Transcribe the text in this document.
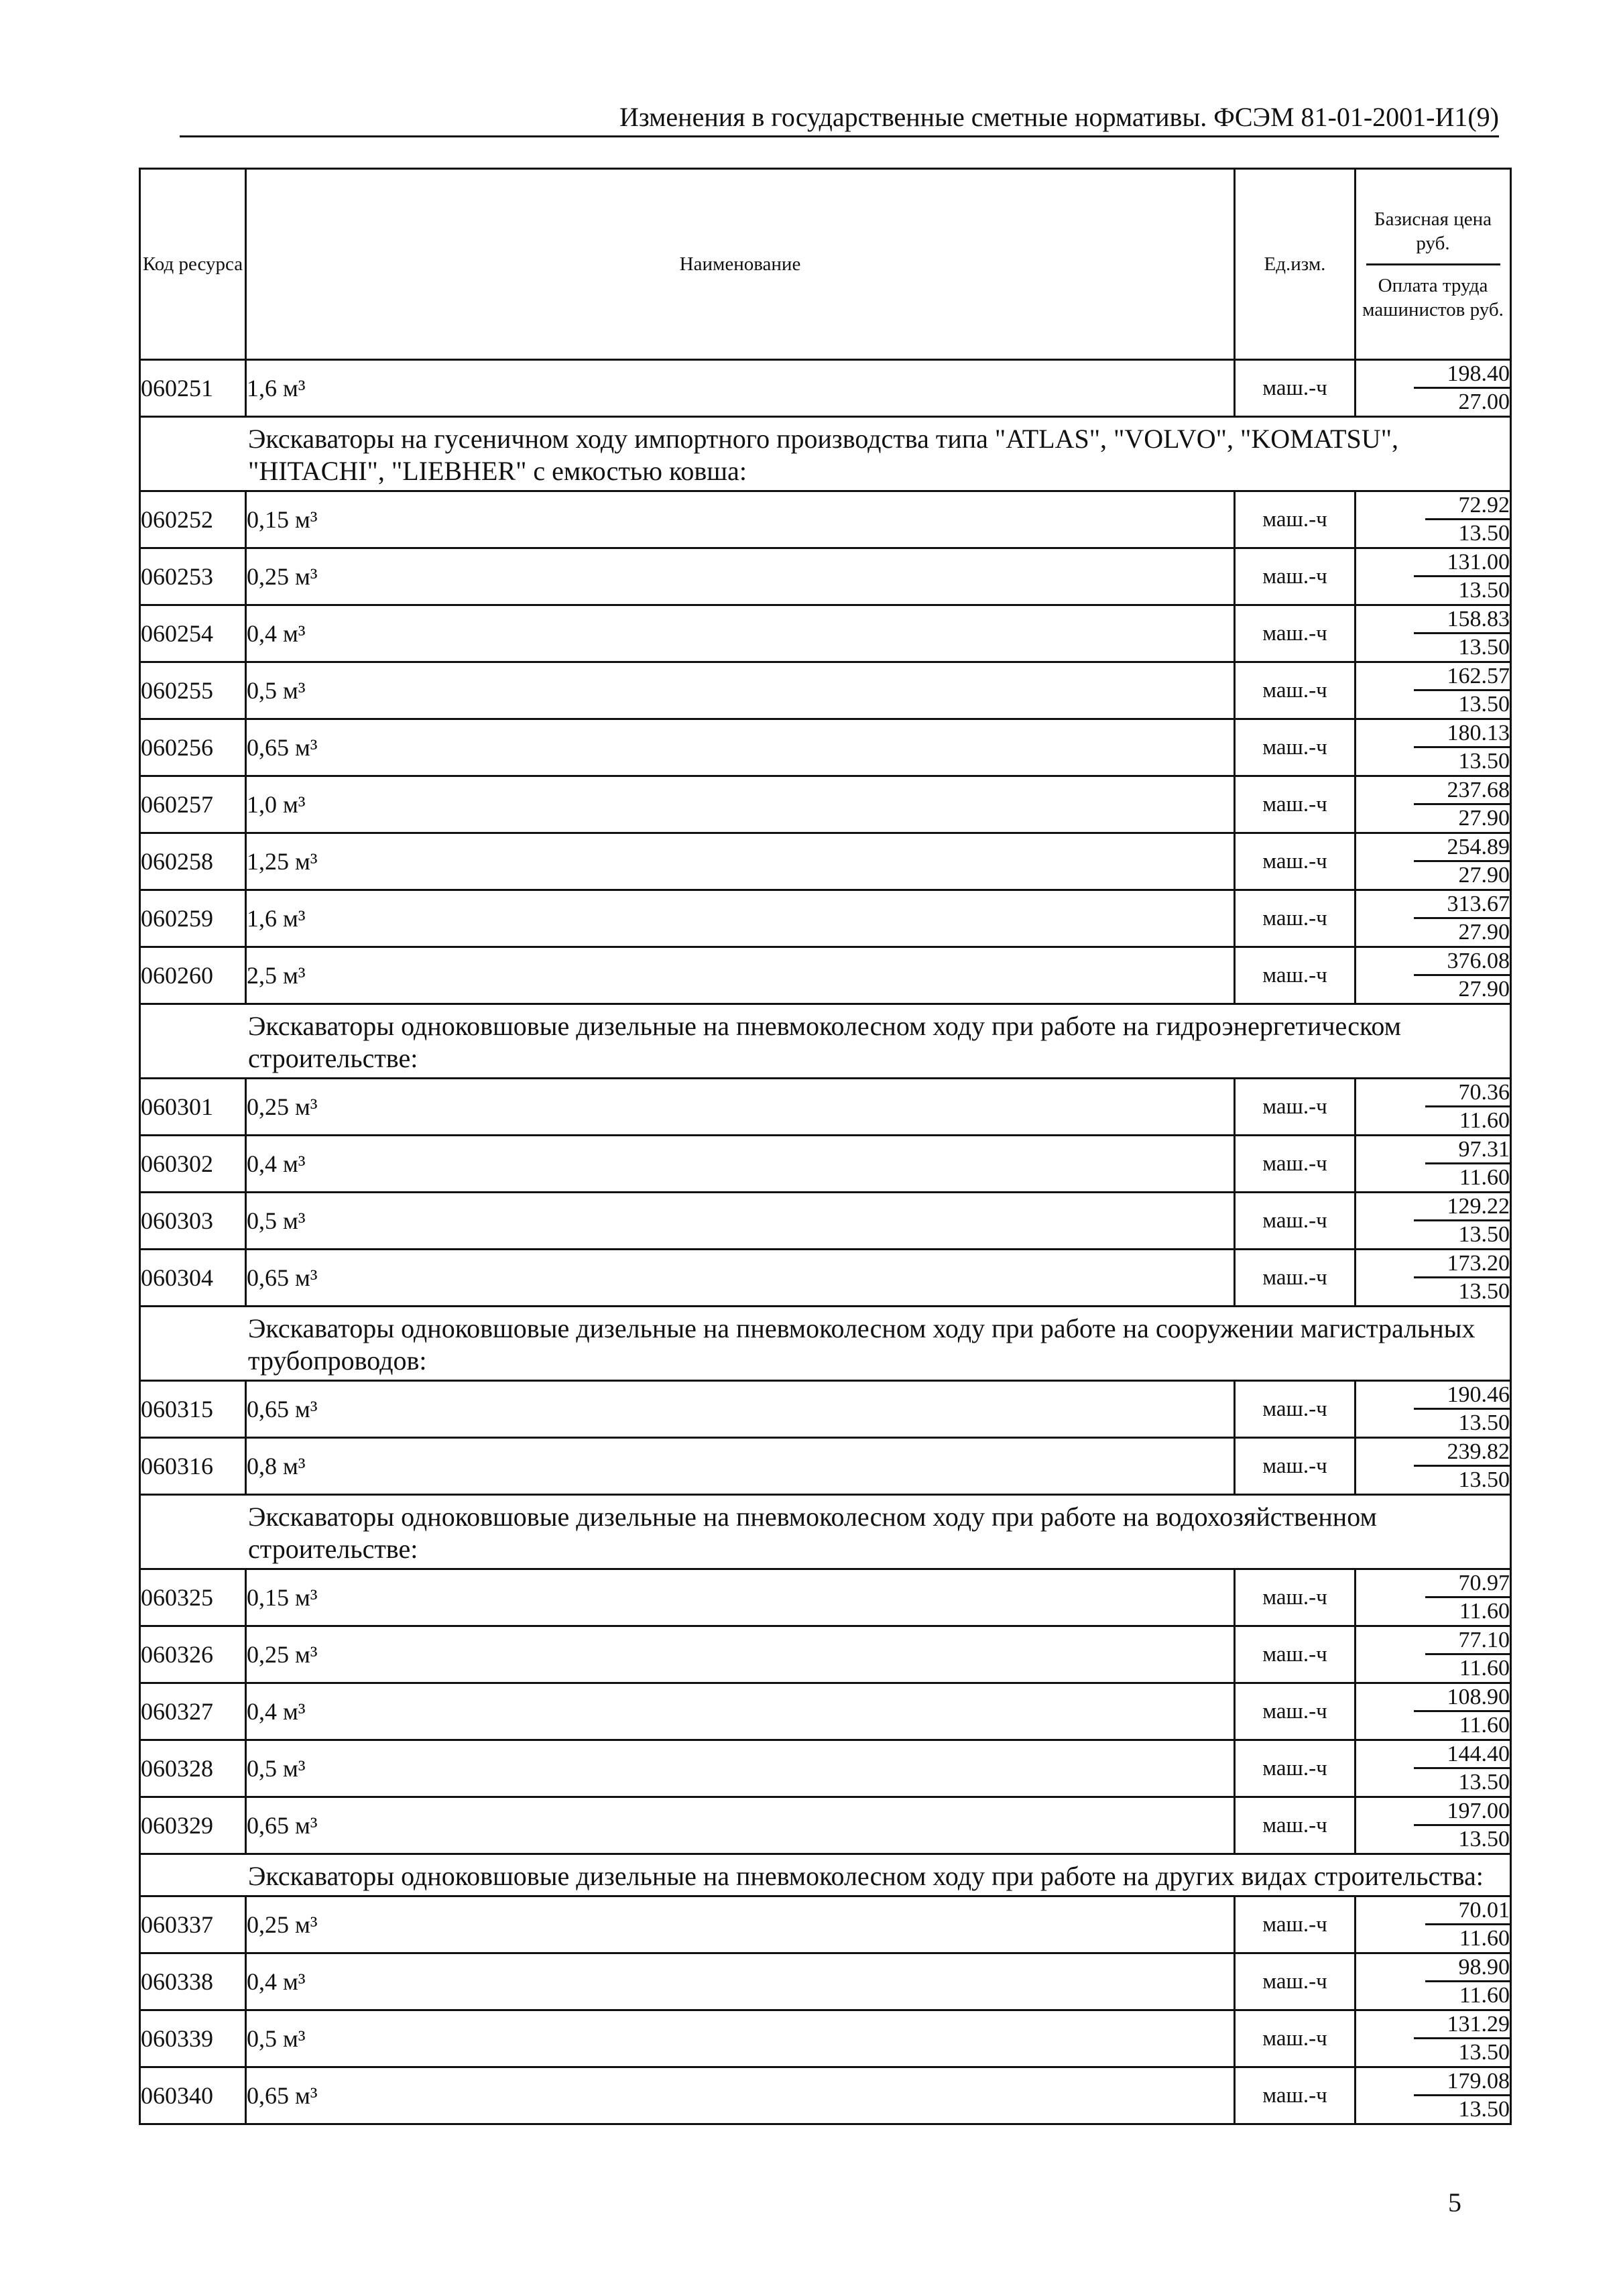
Изменения в государственные сметные нормативы. ФСЭМ 81-01-2001-И1(9)
Код ресурса	Наименование	Ед.изм.	Базисная цена руб.
Оплата труда машинистов руб.

060251	1,6 м³	маш.-ч	198.40
27.00

Экскаваторы на гусеничном ходу импортного производства типа "ATLAS", "VOLVO", "KOMATSU", "HITACHI", "LIEBHER" с емкостью ковша:			
060252	0,15 м³	маш.-ч	72.92
13.50

060253	0,25 м³	маш.-ч	131.00
13.50

060254	0,4 м³	маш.-ч	158.83
13.50

060255	0,5 м³	маш.-ч	162.57
13.50

060256	0,65 м³	маш.-ч	180.13
13.50

060257	1,0 м³	маш.-ч	237.68
27.90

060258	1,25 м³	маш.-ч	254.89
27.90

060259	1,6 м³	маш.-ч	313.67
27.90

060260	2,5 м³	маш.-ч	376.08
27.90

Экскаваторы одноковшовые дизельные на пневмоколесном ходу при работе на гидроэнергетическом строительстве:			
060301	0,25 м³	маш.-ч	70.36
11.60

060302	0,4 м³	маш.-ч	97.31
11.60

060303	0,5 м³	маш.-ч	129.22
13.50

060304	0,65 м³	маш.-ч	173.20
13.50

Экскаваторы одноковшовые дизельные на пневмоколесном ходу при работе на сооружении магистральных трубопроводов:			
060315	0,65 м³	маш.-ч	190.46
13.50

060316	0,8 м³	маш.-ч	239.82
13.50

Экскаваторы одноковшовые дизельные на пневмоколесном ходу при работе на водохозяйственном строительстве:			
060325	0,15 м³	маш.-ч	70.97
11.60

060326	0,25 м³	маш.-ч	77.10
11.60

060327	0,4 м³	маш.-ч	108.90
11.60

060328	0,5 м³	маш.-ч	144.40
13.50

060329	0,65 м³	маш.-ч	197.00
13.50

Экскаваторы одноковшовые дизельные на пневмоколесном ходу при работе на других видах строительства:			
060337	0,25 м³	маш.-ч	70.01
11.60

060338	0,4 м³	маш.-ч	98.90
11.60

060339	0,5 м³	маш.-ч	131.29
13.50

060340	0,65 м³	маш.-ч	179.08
13.50
5
